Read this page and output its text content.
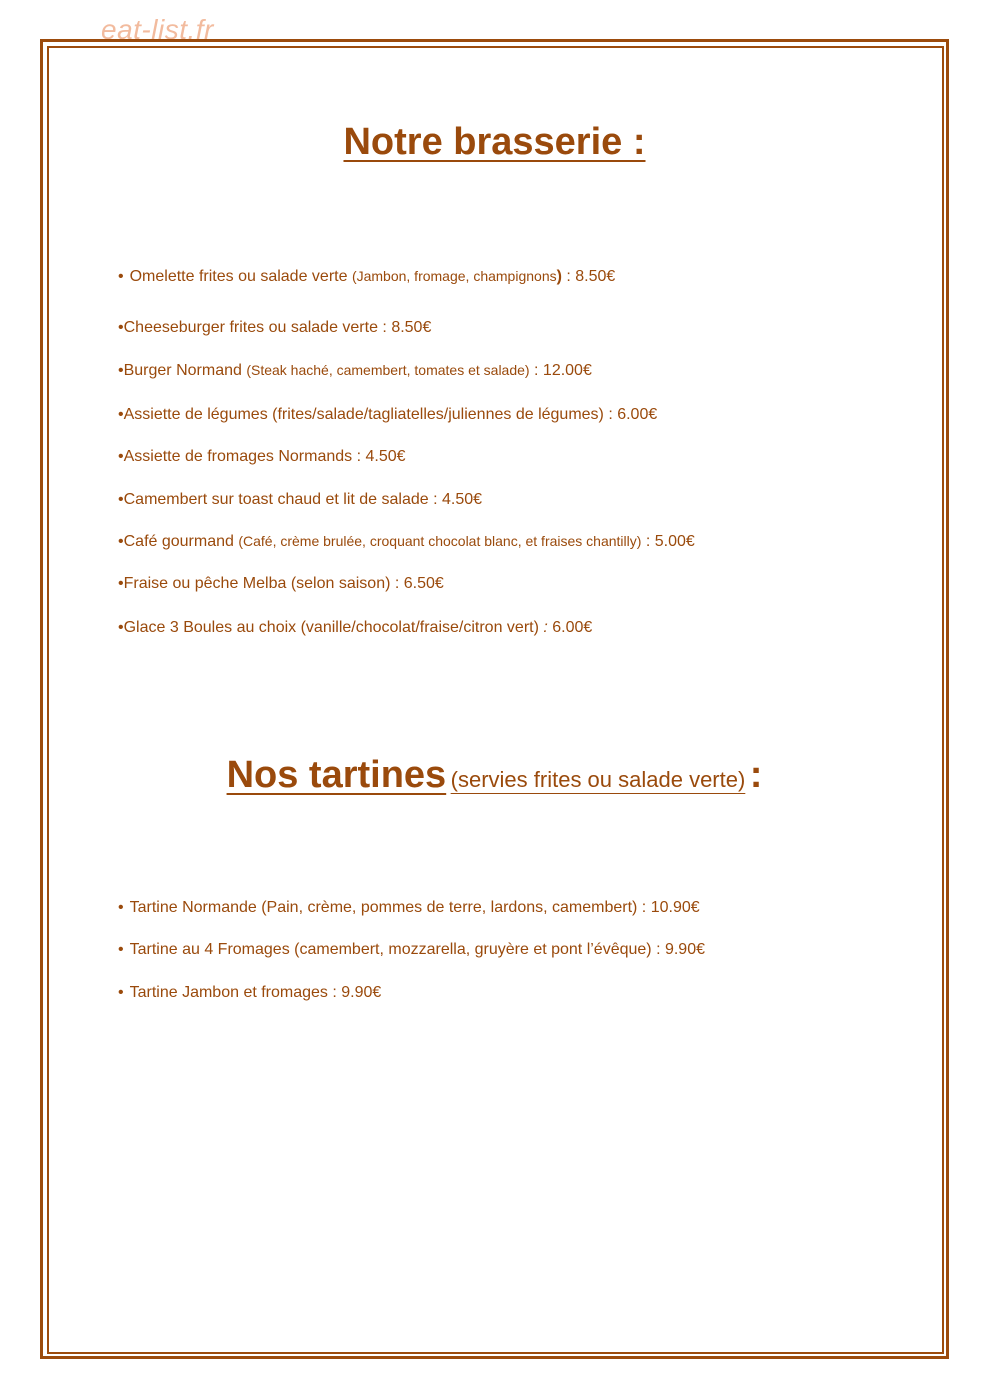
eat-list.fr
Notre brasserie :
• Omelette frites ou salade verte (Jambon, fromage, champignons) : 8.50€
•Cheeseburger frites ou salade verte : 8.50€
•Burger Normand (Steak haché, camembert, tomates et salade) : 12.00€
•Assiette de légumes (frites/salade/tagliatelles/juliennes de légumes) : 6.00€
•Assiette de fromages Normands : 4.50€
•Camembert sur toast chaud et lit de salade : 4.50€
•Café gourmand (Café, crème brulée, croquant chocolat blanc, et fraises chantilly) : 5.00€
•Fraise ou pêche Melba (selon saison) : 6.50€
•Glace 3 Boules au choix (vanille/chocolat/fraise/citron vert) : 6.00€
Nos tartines (servies frites ou salade verte) :
• Tartine Normande (Pain, crème, pommes de terre, lardons, camembert) : 10.90€
• Tartine au 4 Fromages (camembert, mozzarella, gruyère et pont l’évêque) : 9.90€
• Tartine Jambon et fromages : 9.90€
